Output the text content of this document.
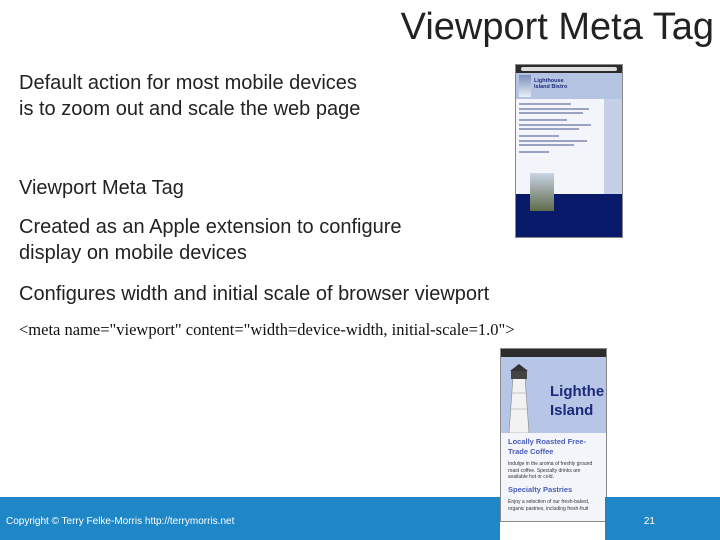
Viewport Meta Tag
Default action for most mobile devices
is to zoom out and scale the web page
Viewport Meta Tag
Created as an Apple extension to configure
display on mobile devices
Configures width and initial scale of browser viewport
<meta name="viewport" content="width=device-width, initial-scale=1.0">
Lighthouse
Island Bistro
Lighthe
Island
Locally Roasted Free-
Trade Coffee
Indulge in the aroma of freshly ground
roast coffee. Specialty drinks are
available hot or cold.
Specialty Pastries
Enjoy a selection of our fresh-baked,
organic pastries, including fresh-fruit
Copyright © Terry Felke-Morris http://terrymorris.net	21
